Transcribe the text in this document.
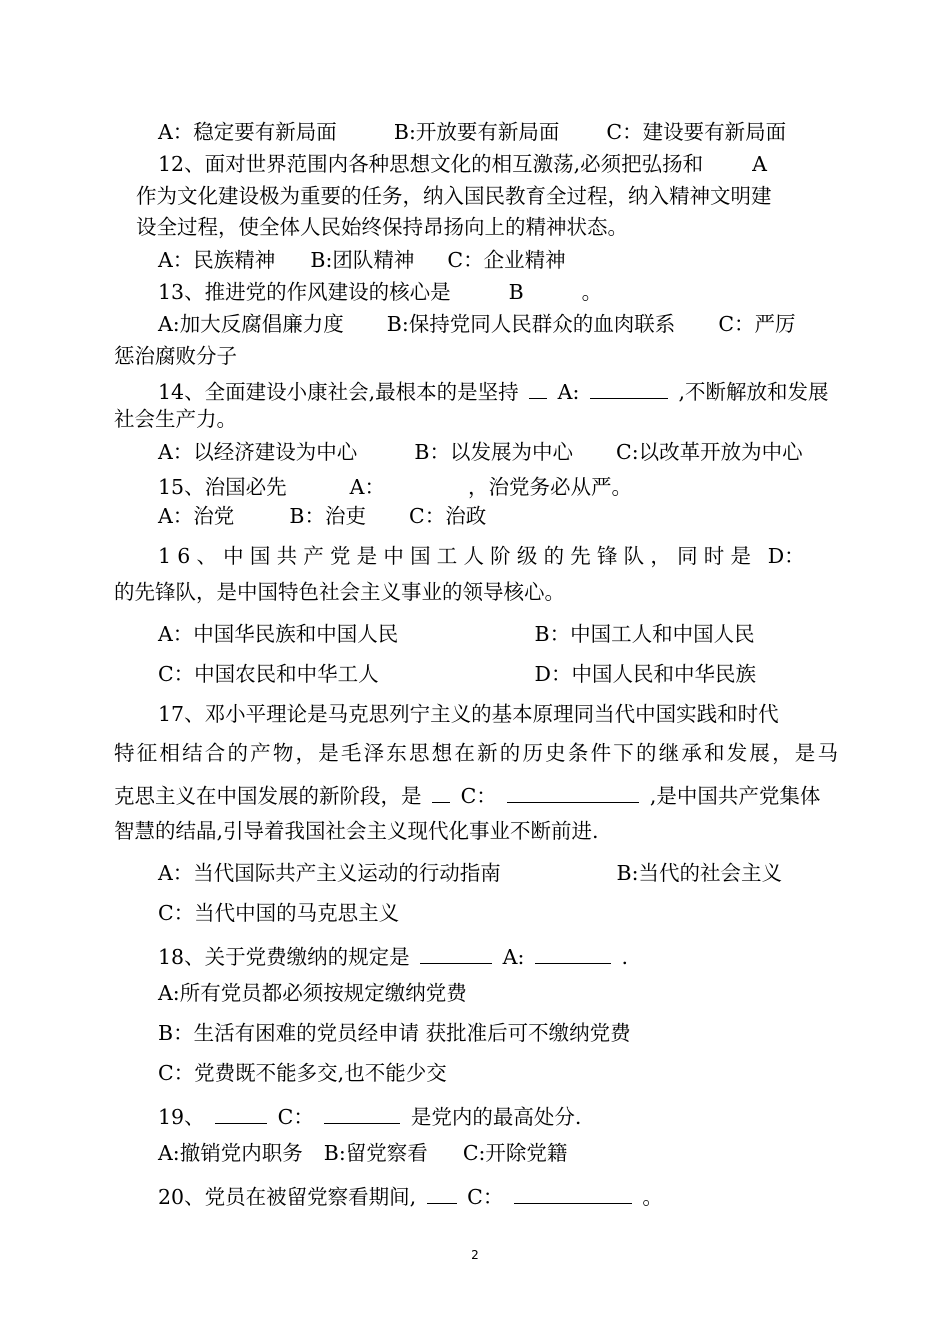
A：稳定要有新局面	B:开放要有新局面 C：建设要有新局面
12、面对世界范围内各种思想文化的相互激荡,必须把弘扬和 A
作为文化建设极为重要的任务，纳入国民教育全过程，纳入精神文明建
设全过程，使全体人民始终保持昂扬向上的精神状态。
A：民族精神 B:团队精神 C：企业精神
13、推进党的作风建设的核心是	B	。
A:加大反腐倡廉力度 B:保持党同人民群众的血肉联系 C：严厉
惩治腐败分子
14、全面建设小康社会,最根本的是坚持 A:	,不断解放和发展
社会生产力。
A：以经济建设为中心	B：以发展为中心 C:以改革开放为中心
15、治国必先	A：	，治党务必从严。
A：治党	B：治吏 C：治政
16、中国共产党是中国工人阶级的先锋队，同时是 D：
的先锋队，是中国特色社会主义事业的领导核心。
A：中国华民族和中国人民	B：中国工人和中国人民
C：中国农民和中华工人	D：中国人民和中华民族
17、邓小平理论是马克思列宁主义的基本原理同当代中国实践和时代
特征相结合的产物，是毛泽东思想在新的历史条件下的继承和发展，是马
克思主义在中国发展的新阶段，是 C：	,是中国共产党集体
智慧的结晶,引导着我国社会主义现代化事业不断前进.
A：当代国际共产主义运动的行动指南	B:当代的社会主义
C：当代中国的马克思主义
18、关于党费缴纳的规定是	A:	.
A:所有党员都必须按规定缴纳党费
B：生活有困难的党员经申请 获批准后可不缴纳党费
C：党费既不能多交,也不能少交
19、	C：	是党内的最高处分.
A:撤销党内职务 B:留党察看 C:开除党籍
20、党员在被留党察看期间, C：	。
2
